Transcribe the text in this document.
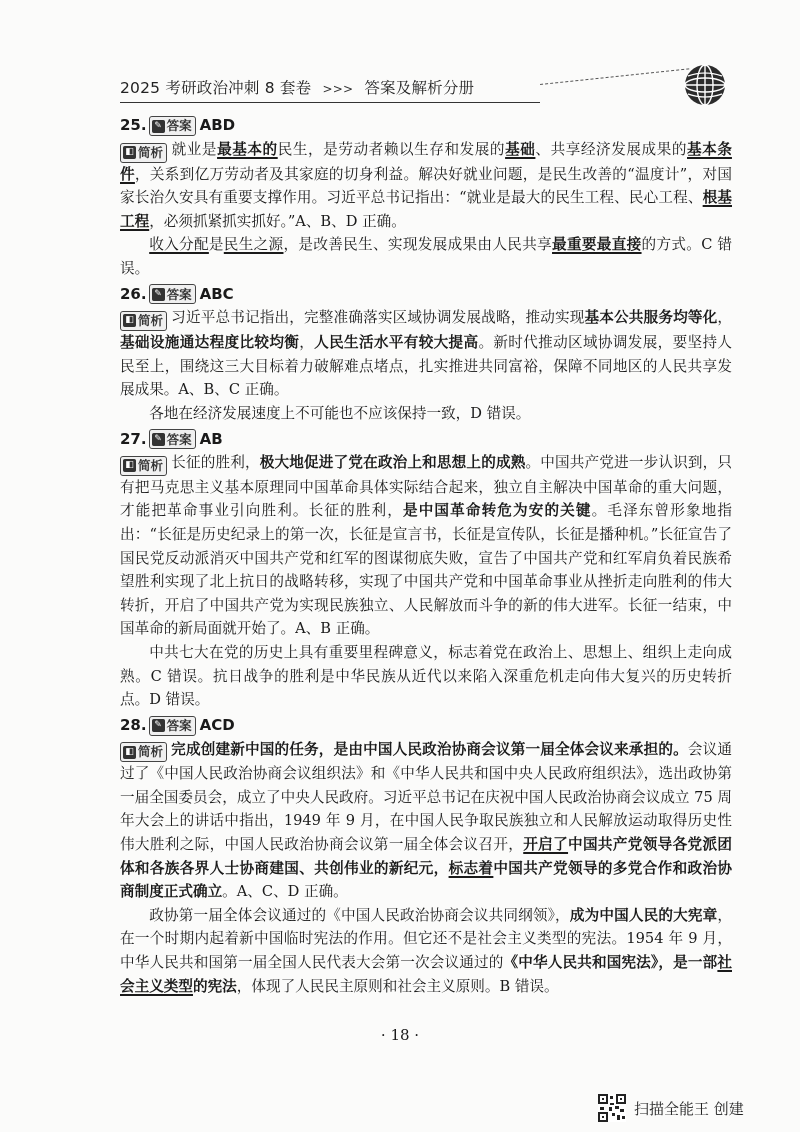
2025 考研政治冲刺 8 套卷 >>> 答案及解析分册
25. ✎ 答案 ABD

◧ 简析 就业是最基本的民生，是劳动者赖以生存和发展的基础、共享经济发展成果的基本条件，关系到亿万劳动者及其家庭的切身利益。解决好就业问题，是民生改善的“温度计”，对国家长治久安具有重要支撑作用。习近平总书记指出：“就业是最大的民生工程、民心工程、根基工程，必须抓紧抓实抓好。”A、B、D 正确。

收入分配是民生之源，是改善民生、实现发展成果由人民共享最重要最直接的方式。C 错误。

26. ✎ 答案 ABC

◧ 简析 习近平总书记指出，完整准确落实区域协调发展战略，推动实现基本公共服务均等化，基础设施通达程度比较均衡，人民生活水平有较大提高。新时代推动区域协调发展，要坚持人民至上，围绕这三大目标着力破解难点堵点，扎实推进共同富裕，保障不同地区的人民共享发展成果。A、B、C 正确。

各地在经济发展速度上不可能也不应该保持一致，D 错误。

27. ✎ 答案 AB

◧ 简析 长征的胜利，极大地促进了党在政治上和思想上的成熟。中国共产党进一步认识到，只有把马克思主义基本原理同中国革命具体实际结合起来，独立自主解决中国革命的重大问题，才能把革命事业引向胜利。长征的胜利，是中国革命转危为安的关键。毛泽东曾形象地指出：“长征是历史纪录上的第一次，长征是宣言书，长征是宣传队，长征是播种机。”长征宣告了国民党反动派消灭中国共产党和红军的图谋彻底失败，宣告了中国共产党和红军肩负着民族希望胜利实现了北上抗日的战略转移，实现了中国共产党和中国革命事业从挫折走向胜利的伟大转折，开启了中国共产党为实现民族独立、人民解放而斗争的新的伟大进军。长征一结束，中国革命的新局面就开始了。A、B 正确。

中共七大在党的历史上具有重要里程碑意义，标志着党在政治上、思想上、组织上走向成熟。C 错误。抗日战争的胜利是中华民族从近代以来陷入深重危机走向伟大复兴的历史转折点。D 错误。

28. ✎ 答案 ACD

◧ 简析 完成创建新中国的任务，是由中国人民政治协商会议第一届全体会议来承担的。会议通过了《中国人民政治协商会议组织法》和《中华人民共和国中央人民政府组织法》，选出政协第一届全国委员会，成立了中央人民政府。习近平总书记在庆祝中国人民政治协商会议成立 75 周年大会上的讲话中指出，1949 年 9 月，在中国人民争取民族独立和人民解放运动取得历史性伟大胜利之际，中国人民政治协商会议第一届全体会议召开，开启了中国共产党领导各党派团体和各族各界人士协商建国、共创伟业的新纪元，标志着中国共产党领导的多党合作和政治协商制度正式确立。A、C、D 正确。

政协第一届全体会议通过的《中国人民政治协商会议共同纲领》，成为中国人民的大宪章，在一个时期内起着新中国临时宪法的作用。但它还不是社会主义类型的宪法。1954 年 9 月，中华人民共和国第一届全国人民代表大会第一次会议通过的《中华人民共和国宪法》，是一部社会主义类型的宪法，体现了人民民主原则和社会主义原则。B 错误。

· 18 ·
扫描全能王 创建
